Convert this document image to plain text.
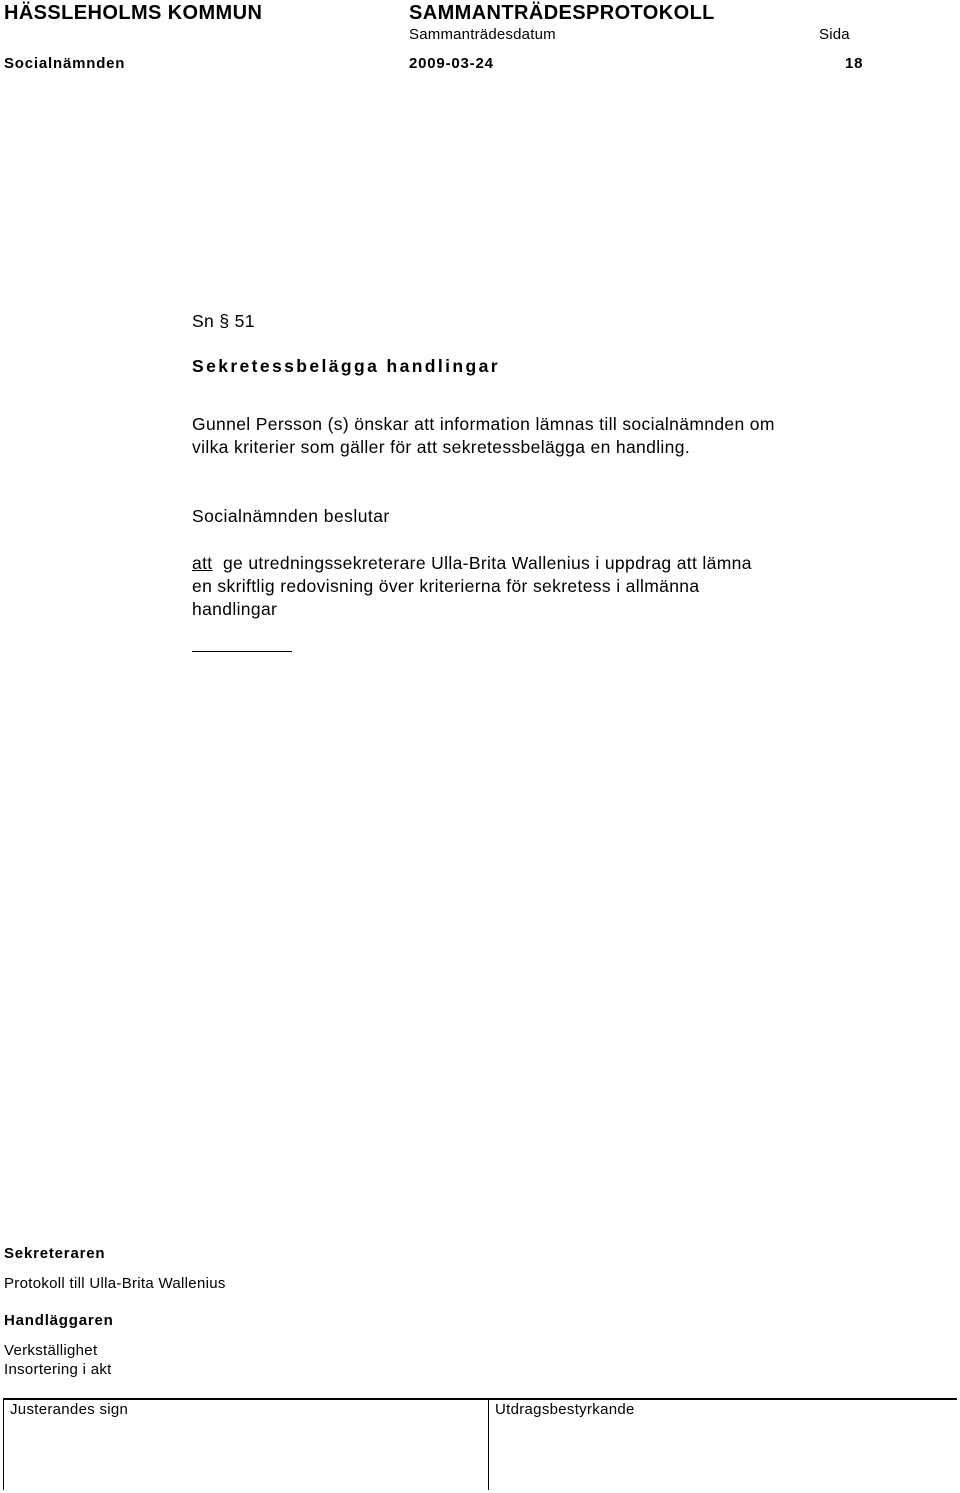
HÄSSLEHOLMS KOMMUN	SAMMANTRÄDESPROTOKOLL
Sammanträdesdatum	Sida
Socialnämnden	2009-03-24	18
Sn § 51
Sekretessbelägga handlingar
Gunnel Persson (s) önskar att information lämnas till socialnämnden om
vilka kriterier som gäller för att sekretessbelägga en handling.
Socialnämnden beslutar
att ge utredningssekreterare Ulla-Brita Wallenius i uppdrag att lämna
en skriftlig redovisning över kriterierna för sekretess i allmänna
handlingar
Sekreteraren
Protokoll till Ulla-Brita Wallenius
Handläggaren
Verkställighet
Insortering i akt
Justerandes sign	Utdragsbestyrkande
